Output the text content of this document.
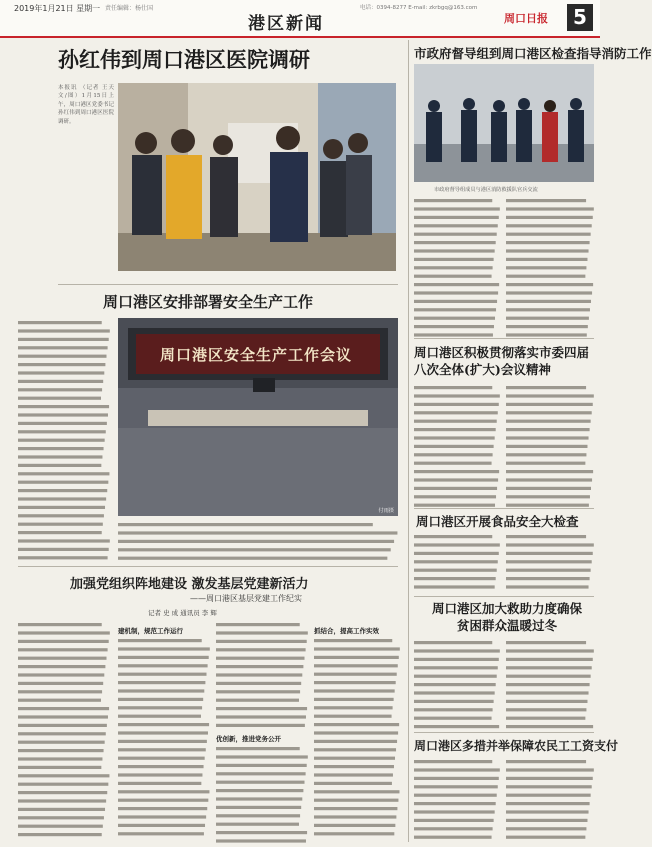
2019年1月21日 星期一 责任编辑：杨仕国
港区新闻
电话：0394-8277 E-mail: zkrbgq@163.com
周口日报	5
孙红伟到周口港区医院调研
本报讯 （记者 王天 文/图）1月15日上午，周口港区党委书记孙红伟到周口港区医院调研。
周口港区安排部署安全生产工作
周口港区安全生产工作会议
付雨摄
加强党组织阵地建设 激发基层党建新活力
——周口港区基层党建工作纪实
记者 史 成 通讯员 李 辉
建机制，规范工作运行
优创新，推进党务公开
抓结合，提高工作实效
市政府督导组到周口港区检查指导消防工作
市政府督导组成员与港区消防救援队官兵交流
周口港区积极贯彻落实市委四届八次全体(扩大)会议精神
周口港区开展食品安全大检查
周口港区加大救助力度确保贫困群众温暖过冬
周口港区多措并举保障农民工工资支付
